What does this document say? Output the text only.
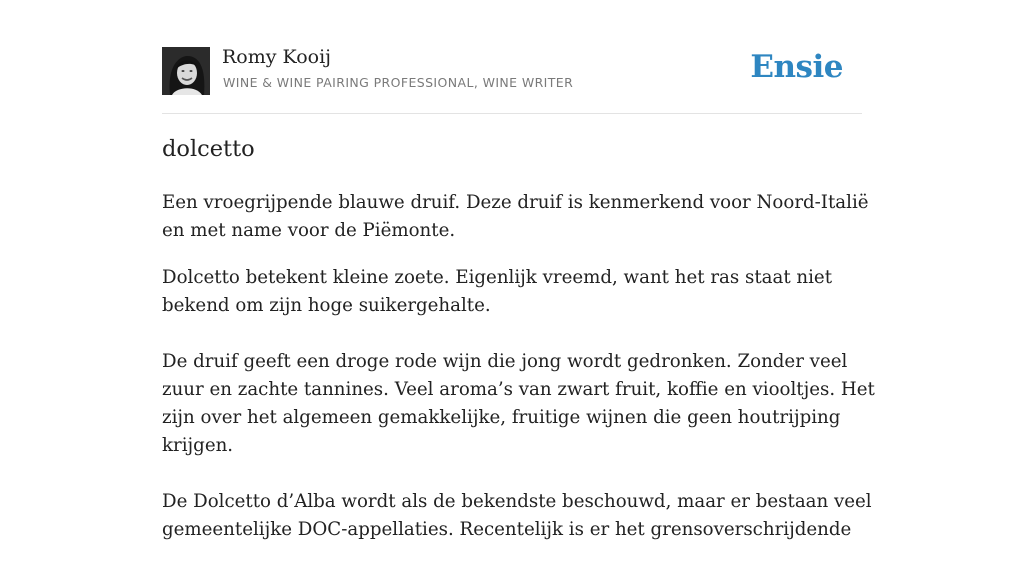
Romy Kooij
WINE & WINE PAIRING PROFESSIONAL, WINE WRITER	Ensie
dolcetto

Een vroegrijpende blauwe druif. Deze druif is kenmerkend voor Noord-Italië en met name voor de Piëmonte.

Dolcetto betekent kleine zoete. Eigenlijk vreemd, want het ras staat niet bekend om zijn hoge suikergehalte.

De druif geeft een droge rode wijn die jong wordt gedronken. Zonder veel zuur en zachte tannines. Veel aroma’s van zwart fruit, koffie en viooltjes. Het zijn over het algemeen gemakkelijke, fruitige wijnen die geen houtrijping krijgen.

De Dolcetto d’Alba wordt als de bekendste beschouwd, maar er bestaan veel gemeentelijke DOC-appellaties. Recentelijk is er het grensoverschrijdende
